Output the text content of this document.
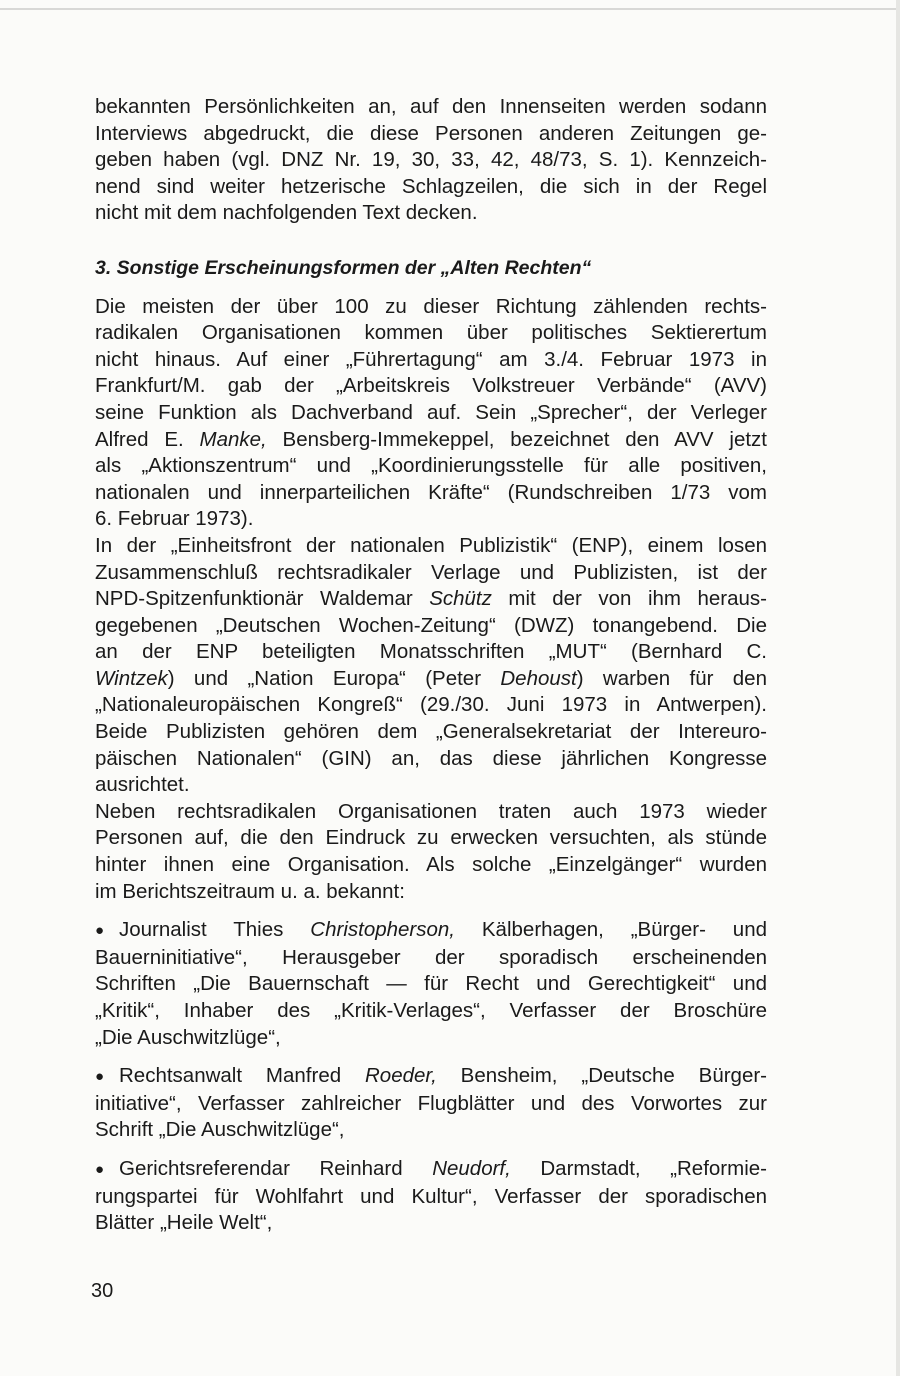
bekannten Persönlichkeiten an, auf den Innenseiten werden sodann
Interviews abgedruckt, die diese Personen anderen Zeitungen ge-
geben haben (vgl. DNZ Nr. 19, 30, 33, 42, 48/73, S. 1). Kennzeich-
nend sind weiter hetzerische Schlagzeilen, die sich in der Regel
nicht mit dem nachfolgenden Text decken.
3. Sonstige Erscheinungsformen der „Alten Rechten“
Die meisten der über 100 zu dieser Richtung zählenden rechts-
radikalen Organisationen kommen über politisches Sektierertum
nicht hinaus. Auf einer „Führertagung“ am 3./4. Februar 1973 in
Frankfurt/M. gab der „Arbeitskreis Volkstreuer Verbände“ (AVV)
seine Funktion als Dachverband auf. Sein „Sprecher“, der Verleger
Alfred E. Manke, Bensberg-Immekeppel, bezeichnet den AVV jetzt
als „Aktionszentrum“ und „Koordinierungsstelle für alle positiven,
nationalen und innerparteilichen Kräfte“ (Rundschreiben 1/73 vom
6. Februar 1973).
In der „Einheitsfront der nationalen Publizistik“ (ENP), einem losen
Zusammenschluß rechtsradikaler Verlage und Publizisten, ist der
NPD-Spitzenfunktionär Waldemar Schütz mit der von ihm heraus-
gegebenen „Deutschen Wochen-Zeitung“ (DWZ) tonangebend. Die
an der ENP beteiligten Monatsschriften „MUT“ (Bernhard C.
Wintzek) und „Nation Europa“ (Peter Dehoust) warben für den
„Nationaleuropäischen Kongreß“ (29./30. Juni 1973 in Antwerpen).
Beide Publizisten gehören dem „Generalsekretariat der Intereuro-
päischen Nationalen“ (GIN) an, das diese jährlichen Kongresse
ausrichtet.
Neben rechtsradikalen Organisationen traten auch 1973 wieder
Personen auf, die den Eindruck zu erwecken versuchten, als stünde
hinter ihnen eine Organisation. Als solche „Einzelgänger“ wurden
im Berichtszeitraum u. a. bekannt:
● Journalist Thies Christopherson, Kälberhagen, „Bürger- und
Bauerninitiative“, Herausgeber der sporadisch erscheinenden
Schriften „Die Bauernschaft — für Recht und Gerechtigkeit“ und
„Kritik“, Inhaber des „Kritik-Verlages“, Verfasser der Broschüre
„Die Auschwitzlüge“,
● Rechtsanwalt Manfred Roeder, Bensheim, „Deutsche Bürger-
initiative“, Verfasser zahlreicher Flugblätter und des Vorwortes zur
Schrift „Die Auschwitzlüge“,
● Gerichtsreferendar Reinhard Neudorf, Darmstadt, „Reformie-
rungspartei für Wohlfahrt und Kultur“, Verfasser der sporadischen
Blätter „Heile Welt“,
30
